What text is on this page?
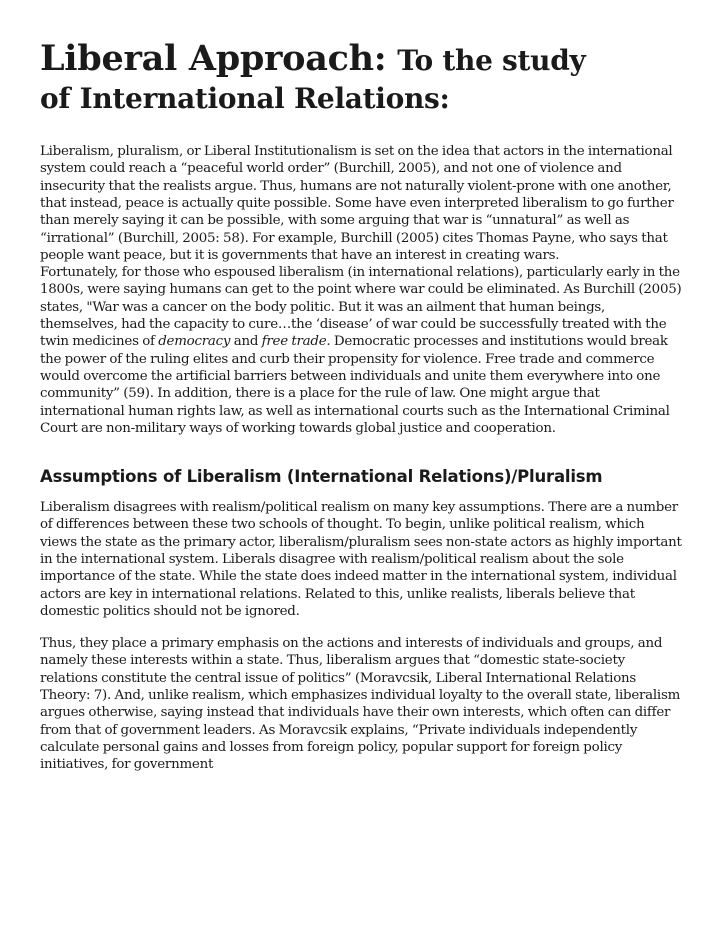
Liberal Approach: To the study
of International Relations:

Liberalism, pluralism, or Liberal Institutionalism is set on the idea that actors in the international system could reach a “peaceful world order” (Burchill, 2005), and not one of violence and insecurity that the realists argue. Thus, humans are not naturally violent-prone with one another, that instead, peace is actually quite possible. Some have even interpreted liberalism to go further than merely saying it can be possible, with some arguing that war is “unnatural” as well as “irrational” (Burchill, 2005: 58). For example, Burchill (2005) cites Thomas Payne, who says that people want peace, but it is governments that have an interest in creating wars.

Fortunately, for those who espoused liberalism (in international relations), particularly early in the 1800s, were saying humans can get to the point where war could be eliminated. As Burchill (2005) states, "War was a cancer on the body politic. But it was an ailment that human beings, themselves, had the capacity to cure…the ‘disease’ of war could be successfully treated with the twin medicines of democracy and free trade. Democratic processes and institutions would break the power of the ruling elites and curb their propensity for violence. Free trade and commerce would overcome the artificial barriers between individuals and unite them everywhere into one community” (59). In addition, there is a place for the rule of law. One might argue that international human rights law, as well as international courts such as the International Criminal Court are non-military ways of working towards global justice and cooperation.

Assumptions of Liberalism (International Relations)/Pluralism

Liberalism disagrees with realism/political realism on many key assumptions. There are a number of differences between these two schools of thought. To begin, unlike political realism, which views the state as the primary actor, liberalism/pluralism sees non-state actors as highly important in the international system. Liberals disagree with realism/political realism about the sole importance of the state. While the state does indeed matter in the international system, individual actors are key in international relations. Related to this, unlike realists, liberals believe that domestic politics should not be ignored.

Thus, they place a primary emphasis on the actions and interests of individuals and groups, and namely these interests within a state. Thus, liberalism argues that “domestic state-society relations constitute the central issue of politics” (Moravcsik, Liberal International Relations Theory: 7). And, unlike realism, which emphasizes individual loyalty to the overall state, liberalism argues otherwise, saying instead that individuals have their own interests, which often can differ from that of government leaders. As Moravcsik explains, “Private individuals independently calculate personal gains and losses from foreign policy, popular support for foreign policy initiatives, for government
